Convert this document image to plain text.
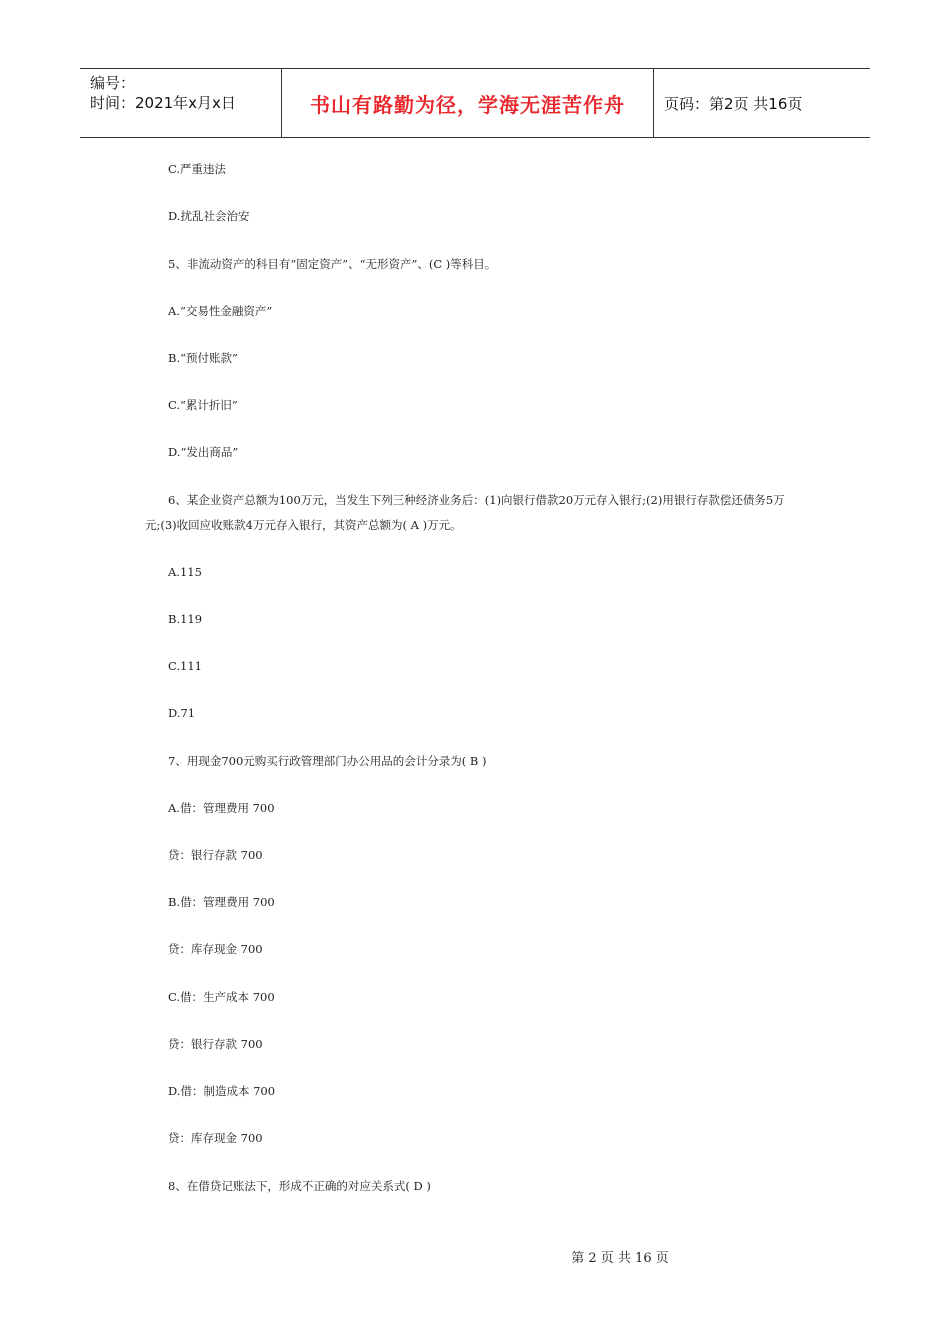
编号：
时间：2021年x月x日	书山有路勤为径，学海无涯苦作舟	页码：第2页 共16页
C.严重违法
D.扰乱社会治安
5、非流动资产的科目有“固定资产”、“无形资产”、(C )等科目。
A.“交易性金融资产”
B.“预付账款”
C.“累计折旧”
D.“发出商品”
6、某企业资产总额为100万元，当发生下列三种经济业务后：(1)向银行借款20万元存入银行;(2)用银行存款偿还债务5万
元;(3)收回应收账款4万元存入银行，其资产总额为( A )万元。
A.115
B.119
C.111
D.71
7、用现金700元购买行政管理部门办公用品的会计分录为( B )
A.借：管理费用 700
贷：银行存款 700
B.借：管理费用 700
贷：库存现金 700
C.借：生产成本 700
贷：银行存款 700
D.借：制造成本 700
贷：库存现金 700
8、在借贷记账法下，形成不正确的对应关系式( D )
第 2 页 共 16 页
